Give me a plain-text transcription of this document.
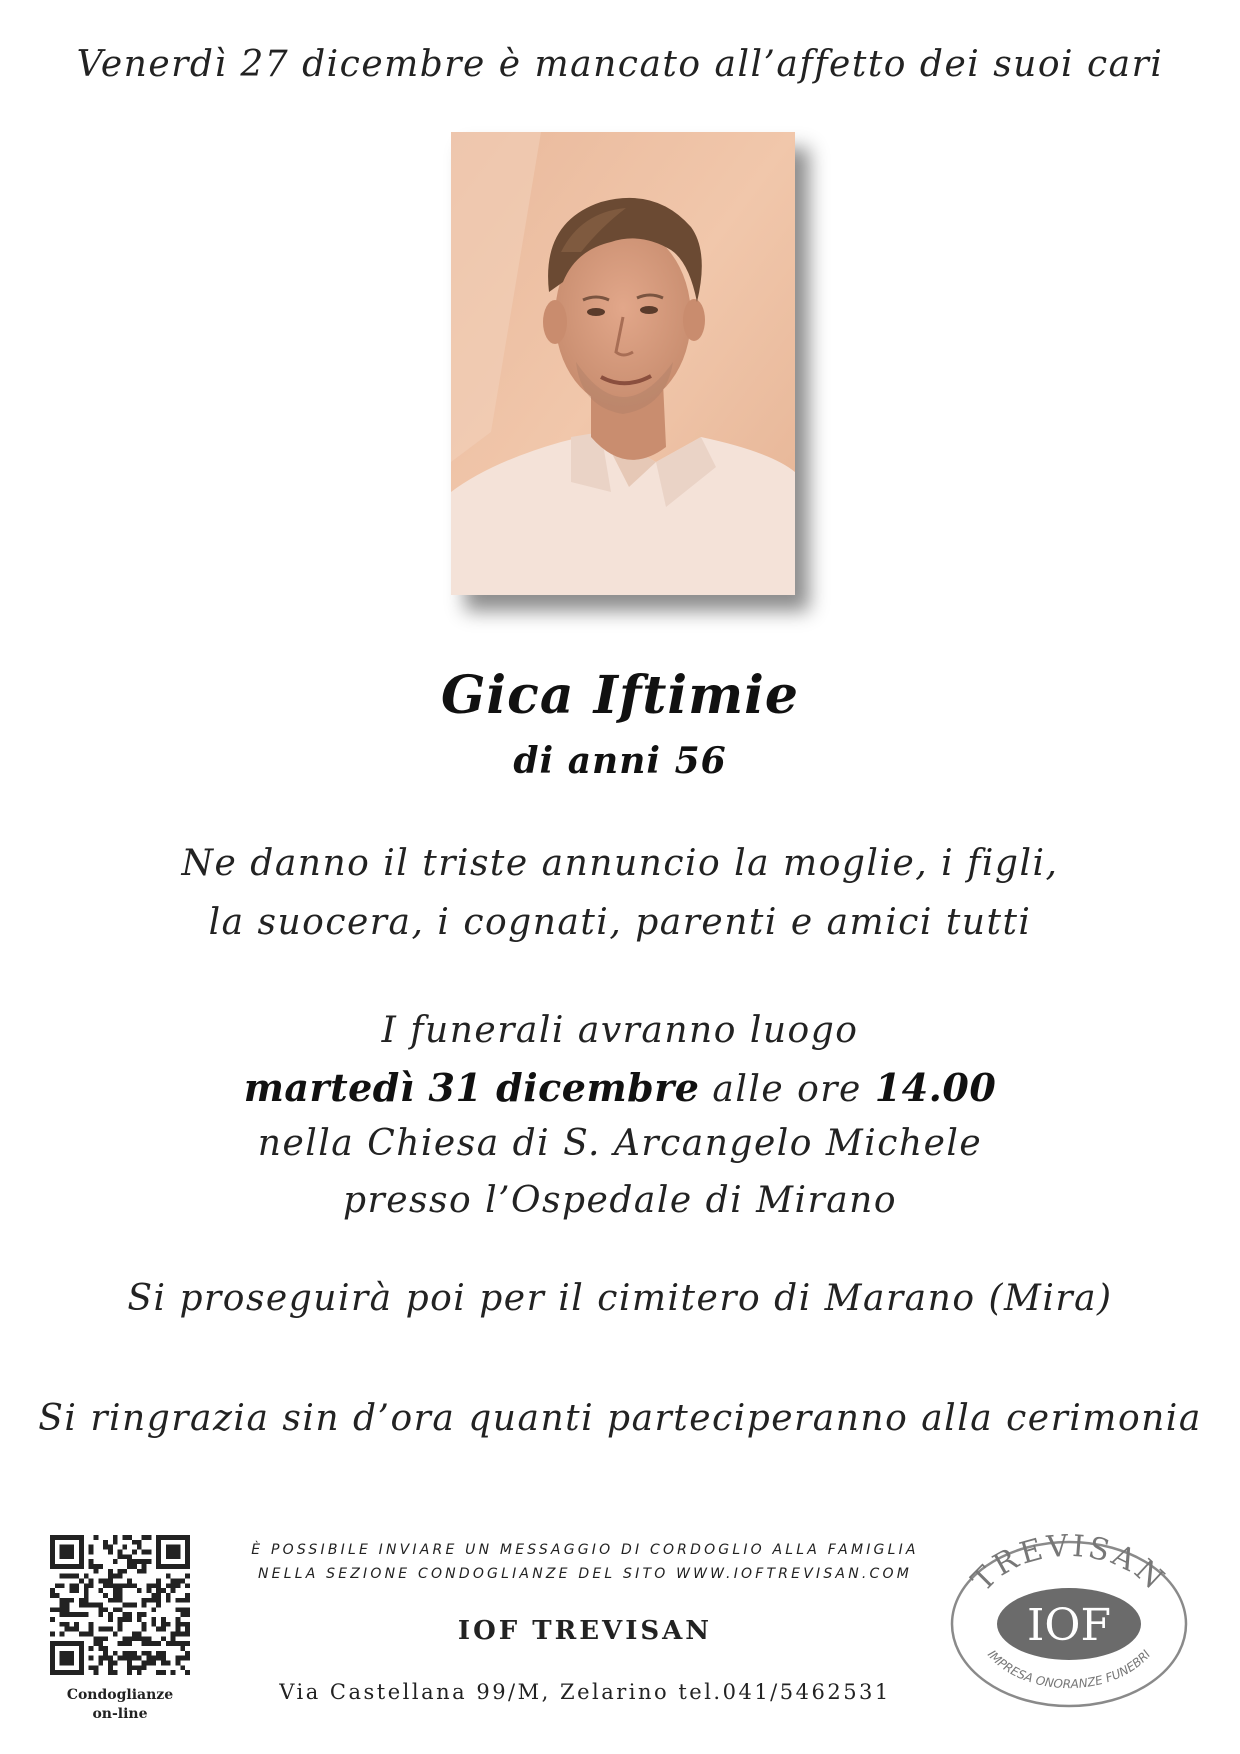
Venerdì 27 dicembre è mancato all’affetto dei suoi cari
Gica Iftimie
di anni 56
Ne danno il triste annuncio la moglie, i figli,
la suocera, i cognati, parenti e amici tutti
I funerali avranno luogo
martedì 31 dicembre alle ore 14.00
nella Chiesa di S. Arcangelo Michele
presso l’Ospedale di Mirano
Si proseguirà poi per il cimitero di Marano (Mira)
Si ringrazia sin d’ora quanti parteciperanno alla cerimonia
Condoglianze
on-line
È POSSIBILE INVIARE UN MESSAGGIO DI CORDOGLIO ALLA FAMIGLIA
NELLA SEZIONE CONDOGLIANZE DEL SITO WWW.IOFTREVISAN.COM
IOF TREVISAN
Via Castellana 99/M, Zelarino tel.041/5462531
TREVISAN
IOF
IMPRESA ONORANZE FUNEBRI
